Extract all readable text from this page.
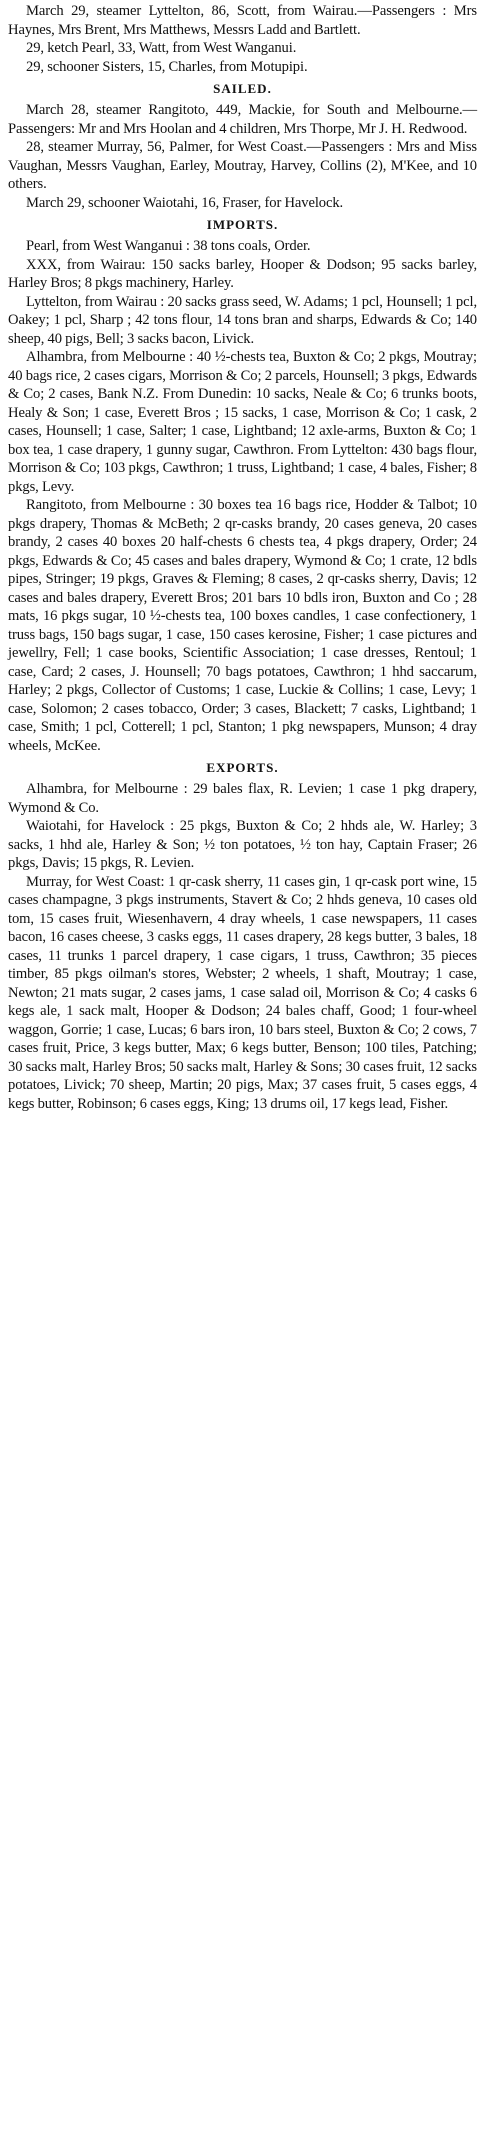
March 29, steamer Lyttelton, 86, Scott, from Wairau.—Passengers : Mrs Haynes, Mrs Brent, Mrs Matthews, Messrs Ladd and Bartlett.

29, ketch Pearl, 33, Watt, from West Wanganui.

29, schooner Sisters, 15, Charles, from Motupipi.

SAILED.

March 28, steamer Rangitoto, 449, Mackie, for South and Melbourne.—Passengers: Mr and Mrs Hoolan and 4 children, Mrs Thorpe, Mr J. H. Redwood.

28, steamer Murray, 56, Palmer, for West Coast.—Passengers : Mrs and Miss Vaughan, Messrs Vaughan, Earley, Moutray, Harvey, Collins (2), M'Kee, and 10 others.

March 29, schooner Waiotahi, 16, Fraser, for Havelock.

IMPORTS.

Pearl, from West Wanganui : 38 tons coals, Order.

XXX, from Wairau: 150 sacks barley, Hooper & Dodson; 95 sacks barley, Harley Bros; 8 pkgs machinery, Harley.

Lyttelton, from Wairau : 20 sacks grass seed, W. Adams; 1 pcl, Hounsell; 1 pcl, Oakey; 1 pcl, Sharp ; 42 tons flour, 14 tons bran and sharps, Edwards & Co; 140 sheep, 40 pigs, Bell; 3 sacks bacon, Livick.

Alhambra, from Melbourne : 40 ½-chests tea, Buxton & Co; 2 pkgs, Moutray; 40 bags rice, 2 cases cigars, Morrison & Co; 2 parcels, Hounsell; 3 pkgs, Edwards & Co; 2 cases, Bank N.Z. From Dunedin: 10 sacks, Neale & Co; 6 trunks boots, Healy & Son; 1 case, Everett Bros ; 15 sacks, 1 case, Morrison & Co; 1 cask, 2 cases, Hounsell; 1 case, Salter; 1 case, Lightband; 12 axle-arms, Buxton & Co; 1 box tea, 1 case drapery, 1 gunny sugar, Cawthron. From Lyttelton: 430 bags flour, Morrison & Co; 103 pkgs, Cawthron; 1 truss, Lightband; 1 case, 4 bales, Fisher; 8 pkgs, Levy.

Rangitoto, from Melbourne : 30 boxes tea 16 bags rice, Hodder & Talbot; 10 pkgs drapery, Thomas & McBeth; 2 qr-casks brandy, 20 cases geneva, 20 cases brandy, 2 cases 40 boxes 20 half-chests 6 chests tea, 4 pkgs drapery, Order; 24 pkgs, Edwards & Co; 45 cases and bales drapery, Wymond & Co; 1 crate, 12 bdls pipes, Stringer; 19 pkgs, Graves & Fleming; 8 cases, 2 qr-casks sherry, Davis; 12 cases and bales drapery, Everett Bros; 201 bars 10 bdls iron, Buxton and Co ; 28 mats, 16 pkgs sugar, 10 ½-chests tea, 100 boxes candles, 1 case confectionery, 1 truss bags, 150 bags sugar, 1 case, 150 cases kerosine, Fisher; 1 case pictures and jewellry, Fell; 1 case books, Scientific Association; 1 case dresses, Rentoul; 1 case, Card; 2 cases, J. Hounsell; 70 bags potatoes, Cawthron; 1 hhd saccarum, Harley; 2 pkgs, Collector of Customs; 1 case, Luckie & Collins; 1 case, Levy; 1 case, Solomon; 2 cases tobacco, Order; 3 cases, Blackett; 7 casks, Lightband; 1 case, Smith; 1 pcl, Cotterell; 1 pcl, Stanton; 1 pkg newspapers, Munson; 4 dray wheels, McKee.

EXPORTS.

Alhambra, for Melbourne : 29 bales flax, R. Levien; 1 case 1 pkg drapery, Wymond & Co.

Waiotahi, for Havelock : 25 pkgs, Buxton & Co; 2 hhds ale, W. Harley; 3 sacks, 1 hhd ale, Harley & Son; ½ ton potatoes, ½ ton hay, Captain Fraser; 26 pkgs, Davis; 15 pkgs, R. Levien.

Murray, for West Coast: 1 qr-cask sherry, 11 cases gin, 1 qr-cask port wine, 15 cases champagne, 3 pkgs instruments, Stavert & Co; 2 hhds geneva, 10 cases old tom, 15 cases fruit, Wiesenhavern, 4 dray wheels, 1 case newspapers, 11 cases bacon, 16 cases cheese, 3 casks eggs, 11 cases drapery, 28 kegs butter, 3 bales, 18 cases, 11 trunks 1 parcel drapery, 1 case cigars, 1 truss, Cawthron; 35 pieces timber, 85 pkgs oilman's stores, Webster; 2 wheels, 1 shaft, Moutray; 1 case, Newton; 21 mats sugar, 2 cases jams, 1 case salad oil, Morrison & Co; 4 casks 6 kegs ale, 1 sack malt, Hooper & Dodson; 24 bales chaff, Good; 1 four-wheel waggon, Gorrie; 1 case, Lucas; 6 bars iron, 10 bars steel, Buxton & Co; 2 cows, 7 cases fruit, Price, 3 kegs butter, Max; 6 kegs butter, Benson; 100 tiles, Patching; 30 sacks malt, Harley Bros; 50 sacks malt, Harley & Sons; 30 cases fruit, 12 sacks potatoes, Livick; 70 sheep, Martin; 20 pigs, Max; 37 cases fruit, 5 cases eggs, 4 kegs butter, Robinson; 6 cases eggs, King; 13 drums oil, 17 kegs lead, Fisher.
